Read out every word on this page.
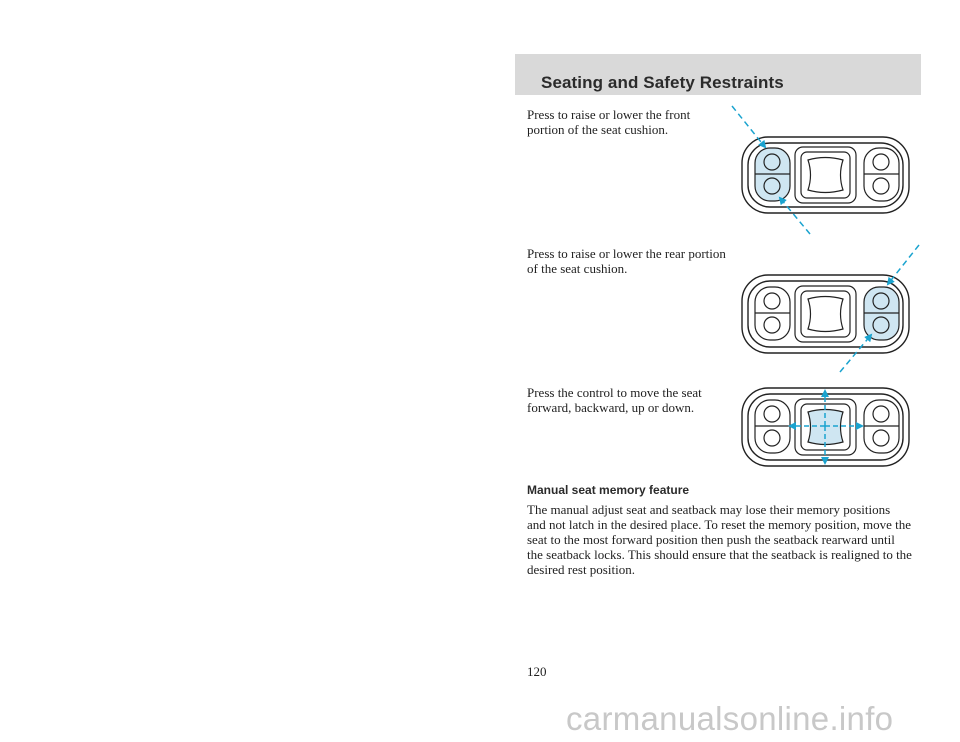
Seating and Safety Restraints
Press to raise or lower the front portion of the seat cushion.
Press to raise or lower the rear portion of the seat cushion.
Press the control to move the seat forward, backward, up or down.
Manual seat memory feature
The manual adjust seat and seatback may lose their memory positions and not latch in the desired place. To reset the memory position, move the seat to the most forward position then push the seatback rearward until the seatback locks. This should ensure that the seatback is realigned to the desired rest position.
120
carmanualsonline.info
